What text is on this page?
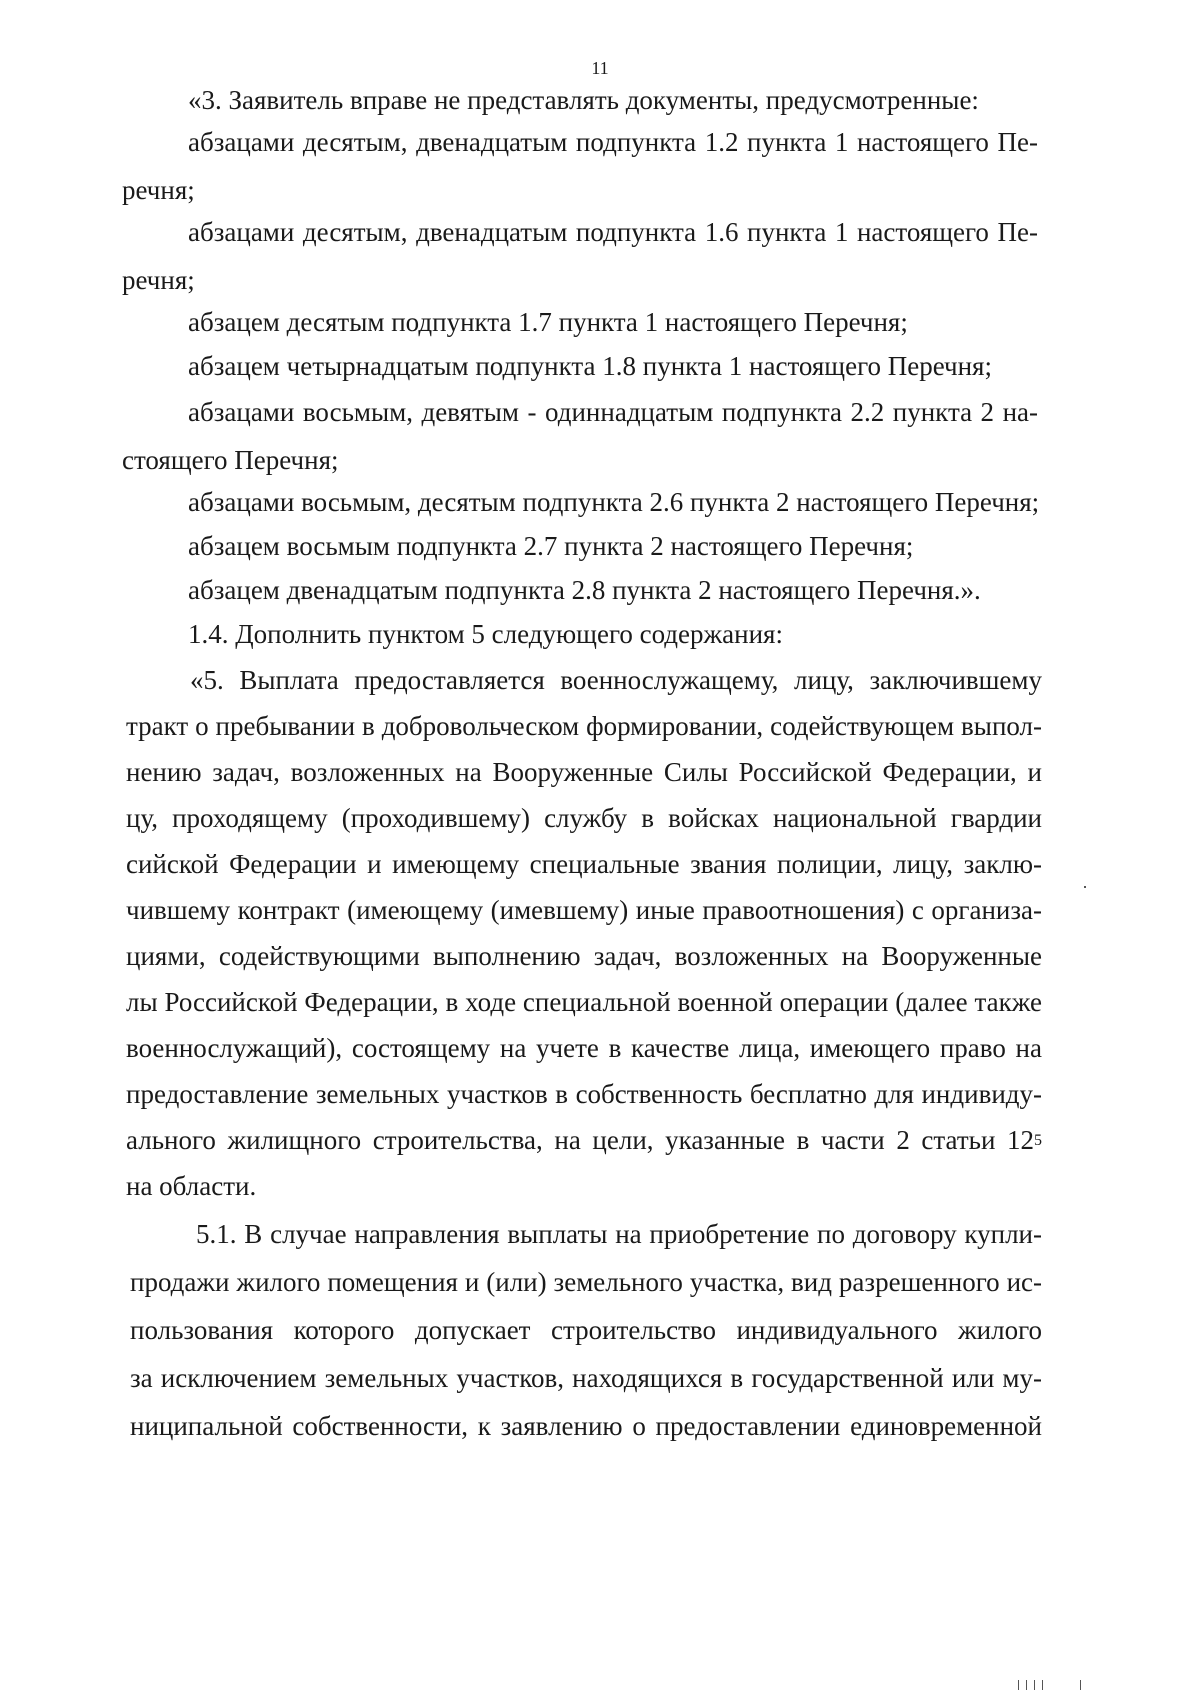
11
«3. Заявитель вправе не представлять документы, предусмотренные:
абзацами десятым, двенадцатым подпункта 1.2 пункта 1 настоящего Пе-
речня;
абзацами десятым, двенадцатым подпункта 1.6 пункта 1 настоящего Пе-
речня;
абзацем десятым подпункта 1.7 пункта 1 настоящего Перечня;
абзацем четырнадцатым подпункта 1.8 пункта 1 настоящего Перечня;
абзацами восьмым, девятым - одиннадцатым подпункта 2.2 пункта 2 на-
стоящего Перечня;
абзацами восьмым, десятым подпункта 2.6 пункта 2 настоящего Перечня;
абзацем восьмым подпункта 2.7 пункта 2 настоящего Перечня;
абзацем двенадцатым подпункта 2.8 пункта 2 настоящего Перечня.».
1.4. Дополнить пунктом 5 следующего содержания:
«5. Выплата предоставляется военнослужащему, лицу, заключившему
тракт о пребывании в добровольческом формировании, содействующем выпол-
нению задач, возложенных на Вооруженные Силы Российской Федерации, и
цу, проходящему (проходившему) службу в войсках национальной гвардии
сийской Федерации и имеющему специальные звания полиции, лицу, заклю-
чившему контракт (имеющему (имевшему) иные правоотношения) с организа-
циями, содействующими выполнению задач, возложенных на Вооруженные
лы Российской Федерации, в ходе специальной военной операции (далее также
военнослужащий), состоящему на учете в качестве лица, имеющего право на
предоставление земельных участков в собственность бесплатно для индивиду-
ального жилищного строительства, на цели, указанные в части 2 статьи $12^5$
на области.
5.1. В случае направления выплаты на приобретение по договору купли-
продажи жилого помещения и (или) земельного участка, вид разрешенного ис-
пользования которого допускает строительство индивидуального жилого
за исключением земельных участков, находящихся в государственной или му-
ниципальной собственности, к заявлению о предоставлении единовременной
